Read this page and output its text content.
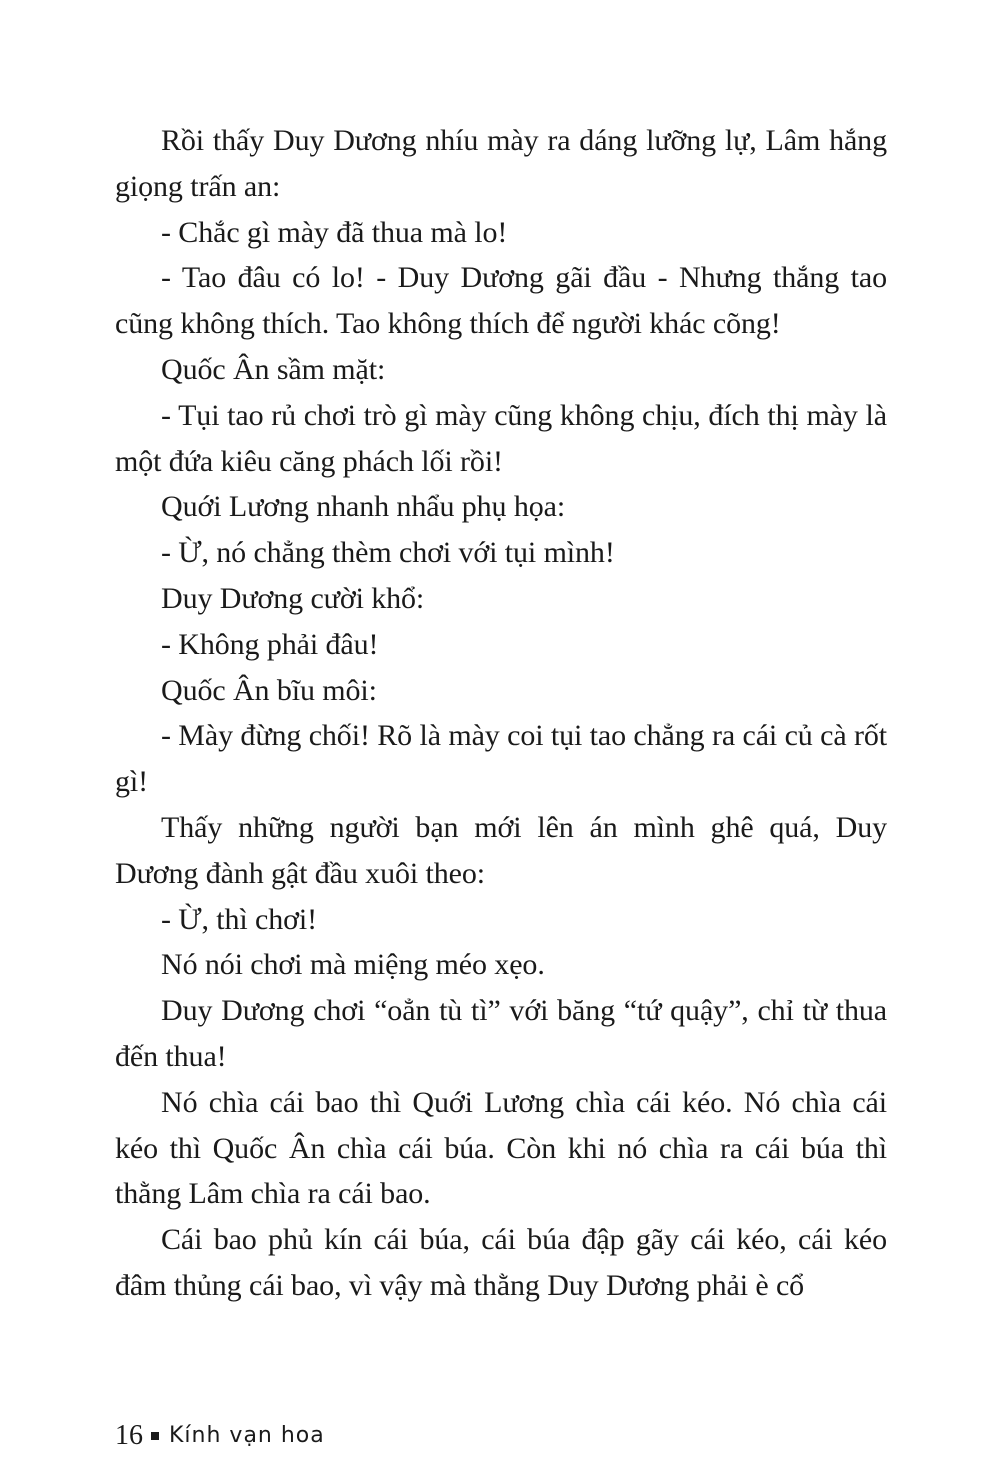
Rồi thấy Duy Dương nhíu mày ra dáng lưỡng lự, Lâm hắng giọng trấn an:

- Chắc gì mày đã thua mà lo!

- Tao đâu có lo! - Duy Dương gãi đầu - Nhưng thắng tao cũng không thích. Tao không thích để người khác cõng!

Quốc Ân sầm mặt:

- Tụi tao rủ chơi trò gì mày cũng không chịu, đích thị mày là một đứa kiêu căng phách lối rồi!

Quới Lương nhanh nhẩu phụ họa:

- Ừ, nó chẳng thèm chơi với tụi mình!

Duy Dương cười khổ:

- Không phải đâu!

Quốc Ân bĩu môi:

- Mày đừng chối! Rõ là mày coi tụi tao chẳng ra cái củ cà rốt gì!

Thấy những người bạn mới lên án mình ghê quá, Duy Dương đành gật đầu xuôi theo:

- Ừ, thì chơi!

Nó nói chơi mà miệng méo xẹo.

Duy Dương chơi “oẳn tù tì” với băng “tứ quậy”, chỉ từ thua đến thua!

Nó chìa cái bao thì Quới Lương chìa cái kéo. Nó chìa cái kéo thì Quốc Ân chìa cái búa. Còn khi nó chìa ra cái búa thì thằng Lâm chìa ra cái bao.

Cái bao phủ kín cái búa, cái búa đập gãy cái kéo, cái kéo đâm thủng cái bao, vì vậy mà thằng Duy Dương phải è cổ

16 Kính vạn hoa
